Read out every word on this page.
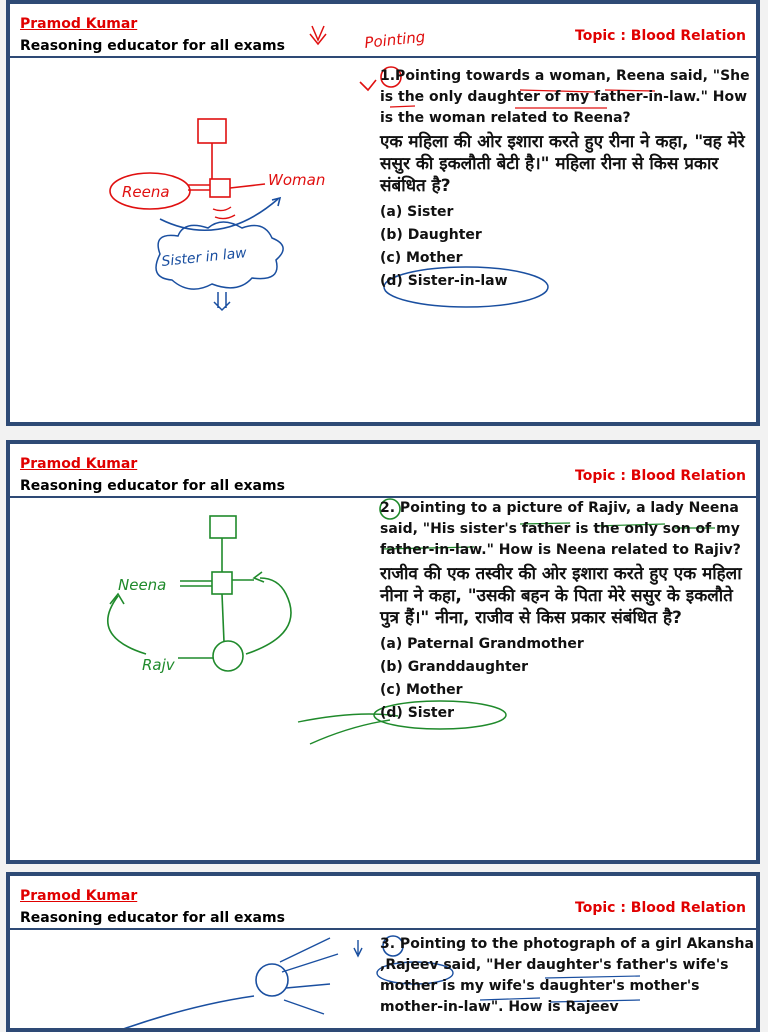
Pramod Kumar
Reasoning educator for all exams
Topic : Blood Relation
Pointing
Reena
Woman
Sister in law
1.Pointing towards a woman, Reena said, "She is the only daughter of my father-in-law." How is the woman related to Reena?
एक महिला की ओर इशारा करते हुए रीना ने कहा, "वह मेरे ससुर की इकलौती बेटी है।" महिला रीना से किस प्रकार संबंधित है?
(a) Sister
(b) Daughter
(c) Mother
(d) Sister-in-law
Pramod Kumar
Reasoning educator for all exams
Topic : Blood Relation
Neena
Rajv
2. Pointing to a picture of Rajiv, a lady Neena said, "His sister's father is the only son of my father-in-law." How is Neena related to Rajiv?
राजीव की एक तस्वीर की ओर इशारा करते हुए एक महिला नीना ने कहा, "उसकी बहन के पिता मेरे ससुर के इकलौते पुत्र हैं।" नीना, राजीव से किस प्रकार संबंधित है?
(a) Paternal Grandmother
(b) Granddaughter
(c) Mother
(d) Sister
Pramod Kumar
Reasoning educator for all exams
Topic : Blood Relation
3. Pointing to the photograph of a girl Akansha ,Rajeev said, "Her daughter's father's wife's mother is my wife's daughter's mother's mother-in-law". How is Rajeev
